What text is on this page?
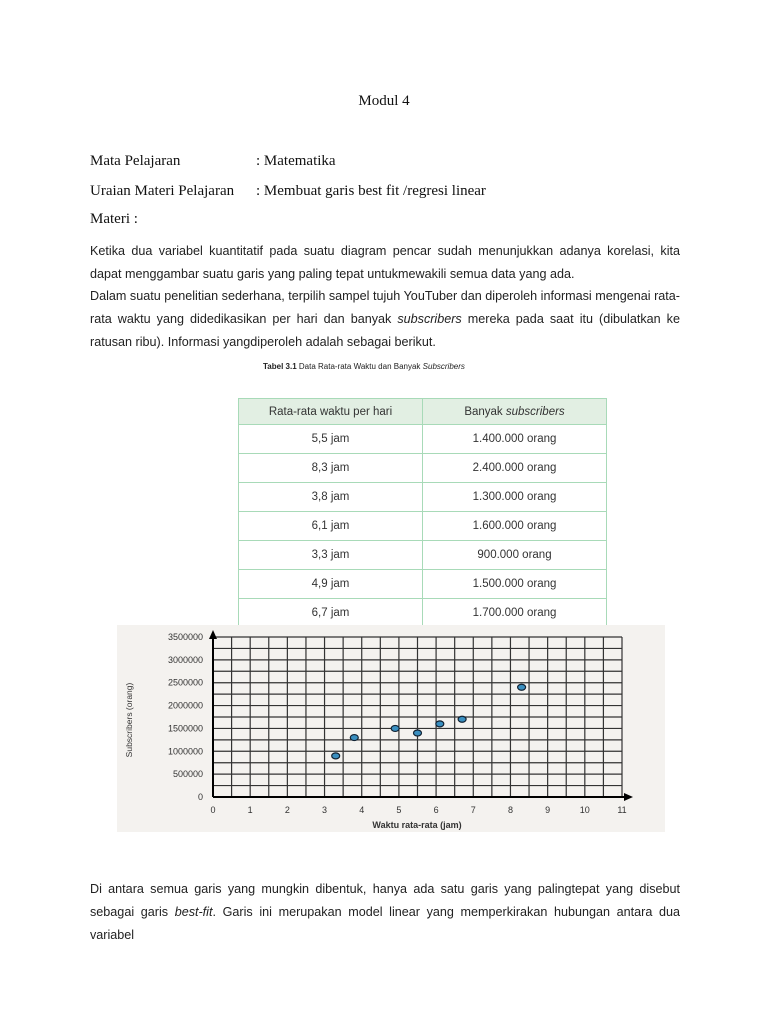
Modul 4
Mata Pelajaran	: Matematika
Uraian Materi Pelajaran : Membuat garis best fit /regresi linear
Materi :
Ketika dua variabel kuantitatif pada suatu diagram pencar sudah menunjukkan adanya korelasi, kita dapat menggambar suatu garis yang paling tepat untukmewakili semua data yang ada.
Dalam suatu penelitian sederhana, terpilih sampel tujuh YouTuber dan diperoleh informasi mengenai rata-rata waktu yang didedikasikan per hari dan banyak subscribers mereka pada saat itu (dibulatkan ke ratusan ribu). Informasi yangdiperoleh adalah sebagai berikut.
Tabel 3.1 Data Rata-rata Waktu dan Banyak Subscribers
Rata-rata waktu per hari	Banyak subscribers
5,5 jam	1.400.000 orang
8,3 jam	2.400.000 orang
3,8 jam	1.300.000 orang
6,1 jam	1.600.000 orang
3,3 jam	900.000 orang
4,9 jam	1.500.000 orang
6,7 jam	1.700.000 orang
0	1	2	3	4	5	6	7	8	9	10	11
0
500000
1000000
1500000
2000000
2500000
3000000
3500000
Waktu rata-rata (jam)
Subscribers (orang)
Di antara semua garis yang mungkin dibentuk, hanya ada satu garis yang palingtepat yang disebut sebagai garis best-fit. Garis ini merupakan model linear yang memperkirakan hubungan antara dua variabel
